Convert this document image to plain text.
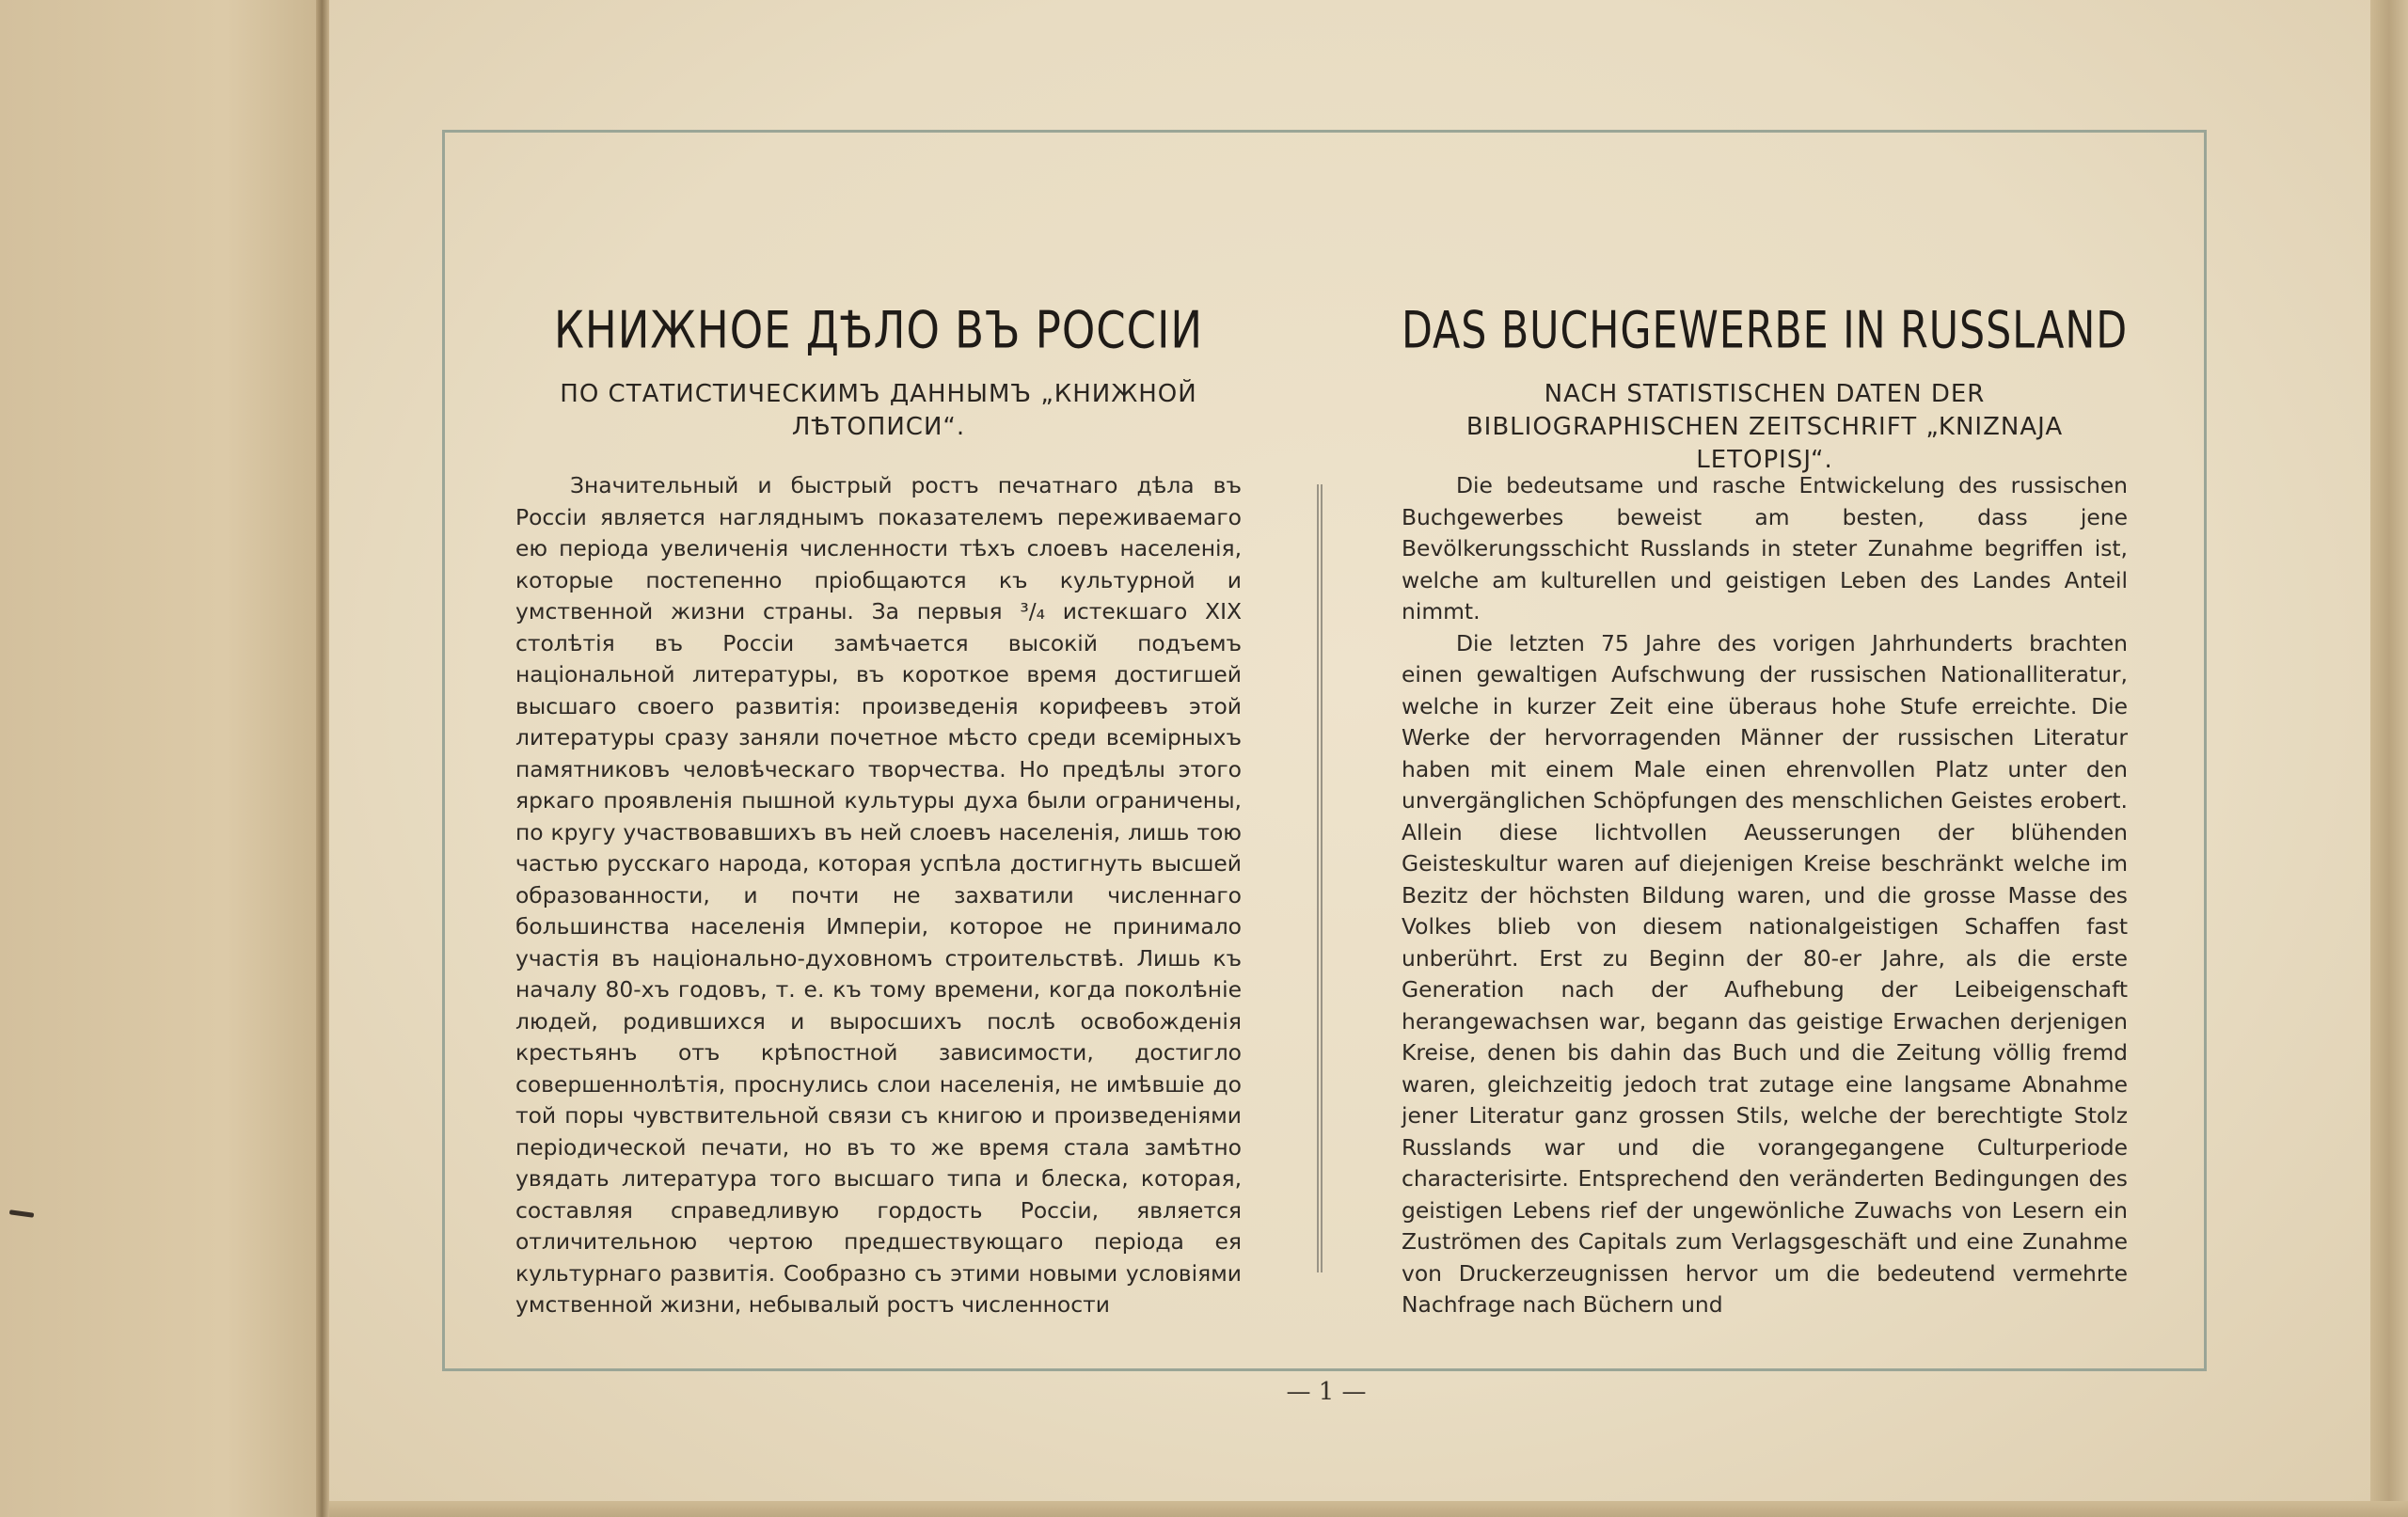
КНИЖНОЕ ДѢЛО ВЪ РОССIИ
ПО СТАТИСТИЧЕСКИМЪ ДАННЫМЪ „КНИЖНОЙ ЛѢТОПИСИ“.

Значительный и быстрый ростъ печатнаго дѣла въ Россiи является нагляднымъ показателемъ переживаемаго ею періода увеличенія численности тѣхъ слоевъ населенія, которые постепенно пріобщаются къ культурной и умственной жизни страны. За первыя ³/₄ истекшаго XIX столѣтія въ Россіи замѣчается высокій подъемъ національной литературы, въ короткое время достигшей высшаго своего развитія: произведенія корифеевъ этой литературы сразу заняли почетное мѣсто среди всемірныхъ памятниковъ человѣческаго творчества. Но предѣлы этого яркаго проявленія пышной культуры духа были ограничены, по кругу участвовавшихъ въ ней слоевъ населенія, лишь тою частью русскаго народа, которая успѣла достигнуть высшей образованности, и почти не захватили численнаго большинства населенія Имперіи, которое не принимало участія въ національно-духовномъ строительствѣ. Лишь къ началу 80-хъ годовъ, т. е. къ тому времени, когда поколѣніе людей, родившихся и выросшихъ послѣ освобожденія крестьянъ отъ крѣпостной зависимости, достигло совершеннолѣтія, проснулись слои населенія, не имѣвшіе до той поры чувствительной связи съ книгою и произведеніями періодической печати, но въ то же время стала замѣтно увядать литература того высшаго типа и блеска, которая, составляя справедливую гордость Россіи, является отличительною чертою предшествующаго періода ея культурнаго развитія. Сообразно съ этими новыми условіями умственной жизни, небывалый ростъ численности

DAS BUCHGEWERBE IN RUSSLAND
NACH STATISTISCHEN DATEN DER BIBLIOGRAPHISCHEN ZEITSCHRIFT „KNIZNAJA LETOPISJ“.

Die bedeutsame und rasche Entwickelung des russischen Buchgewerbes beweist am besten, dass jene Bevölkerungsschicht Russlands in steter Zunahme begriffen ist, welche am kulturellen und geistigen Leben des Landes Anteil nimmt.

Die letzten 75 Jahre des vorigen Jahrhunderts brachten einen gewaltigen Aufschwung der russischen Nationalliteratur, welche in kurzer Zeit eine überaus hohe Stufe erreichte. Die Werke der hervorragenden Männer der russischen Literatur haben mit einem Male einen ehrenvollen Platz unter den unvergänglichen Schöpfungen des menschlichen Geistes erobert. Allein diese lichtvollen Aeusserungen der blühenden Geisteskultur waren auf diejenigen Kreise beschränkt welche im Bezitz der höchsten Bildung waren, und die grosse Masse des Volkes blieb von diesem nationalgeistigen Schaffen fast unberührt. Erst zu Beginn der 80-er Jahre, als die erste Generation nach der Aufhebung der Leibeigenschaft herangewachsen war, begann das geistige Erwachen derjenigen Kreise, denen bis dahin das Buch und die Zeitung völlig fremd waren, gleichzeitig jedoch trat zutage eine langsame Abnahme jener Literatur ganz grossen Stils, welche der berechtigte Stolz Russlands war und die vorangegangene Culturperiode characterisirte. Entsprechend den veränderten Bedingungen des geistigen Lebens rief der ungewönliche Zuwachs von Lesern ein Zuströmen des Capitals zum Verlagsgeschäft und eine Zunahme von Druckerzeugnissen hervor um die bedeutend vermehrte Nachfrage nach Büchern und

— 1 —
